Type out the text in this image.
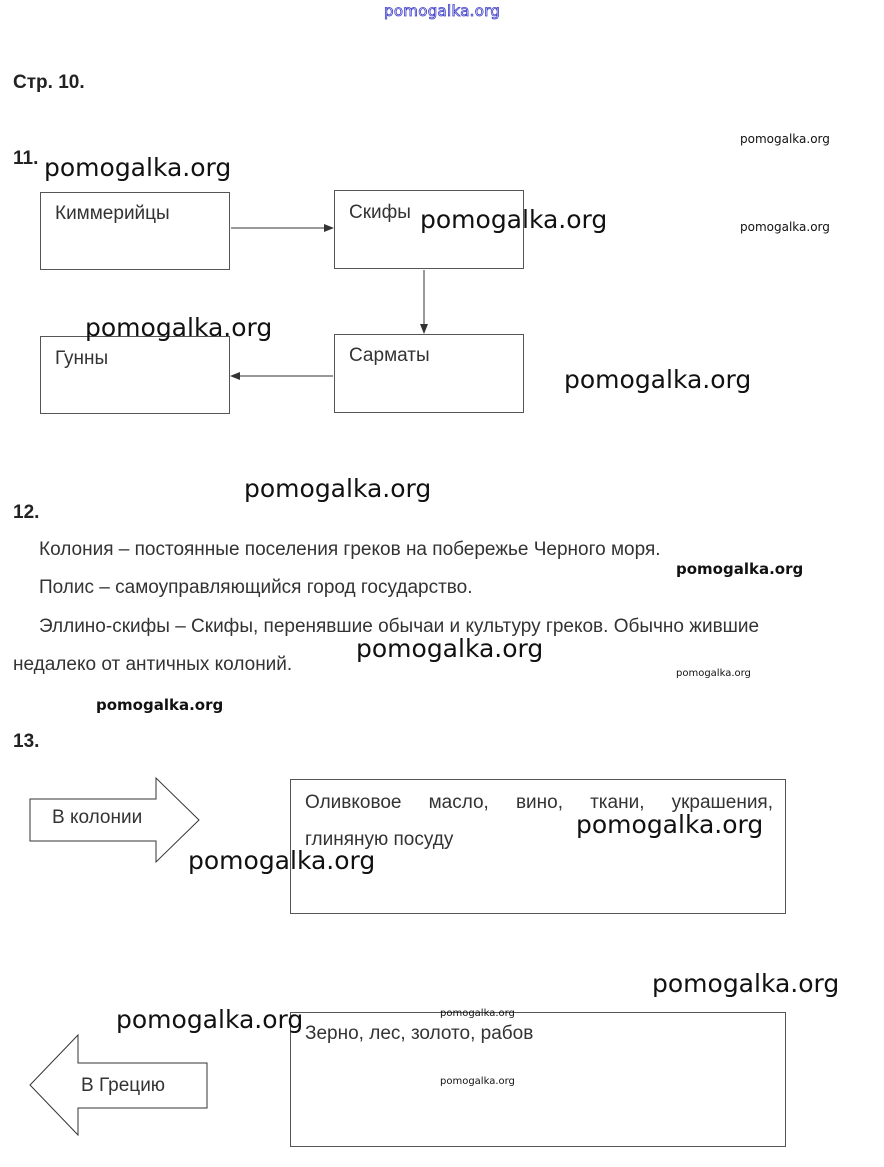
pomogalka.org
Стр. 10.
11.
Киммерийцы	Скифы
Гунны	Сарматы
12.
Колония – постоянные поселения греков на побережье Черного моря.
Полис – самоуправляющийся город государство.
Эллино-скифы – Скифы, перенявшие обычаи и культуру греков. Обычно жившие
недалеко от античных колоний.
13.
В колонии
В Грецию
Оливковое масло, вино, ткани, украшения,
глиняную посуду
Зерно, лес, золото, рабов
pomogalka.org
pomogalka.org
pomogalka.org
pomogalka.org
pomogalka.org
pomogalka.org
pomogalka.org
pomogalka.org
pomogalka.org
pomogalka.org
pomogalka.org
pomogalka.org
pomogalka.org
pomogalka.org
pomogalka.org
pomogalka.org
pomogalka.org
